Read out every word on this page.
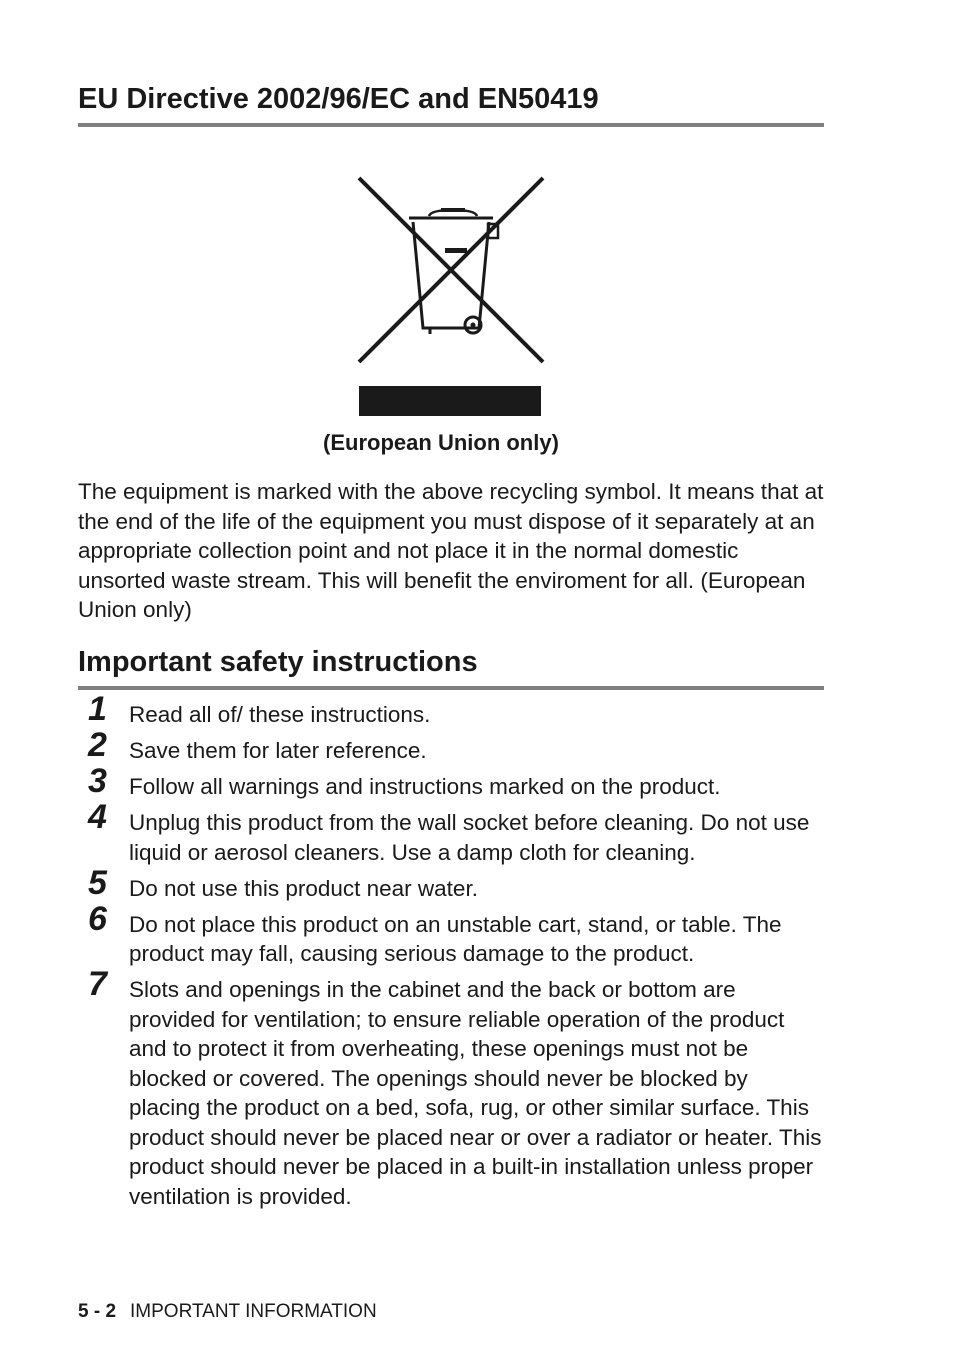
EU Directive 2002/96/EC and EN50419
(European Union only)

The equipment is marked with the above recycling symbol. It means that at the end of the life of the equipment you must dispose of it separately at an appropriate collection point and not place it in the normal domestic unsorted waste stream. This will benefit the enviroment for all. (European Union only)

Important safety instructions
1 Read all of/ these instructions.
2 Save them for later reference.
3 Follow all warnings and instructions marked on the product.
4 Unplug this product from the wall socket before cleaning. Do not use liquid or aerosol cleaners. Use a damp cloth for cleaning.
5 Do not use this product near water.
6 Do not place this product on an unstable cart, stand, or table. The product may fall, causing serious damage to the product.
7 Slots and openings in the cabinet and the back or bottom are provided for ventilation; to ensure reliable operation of the product and to protect it from overheating, these openings must not be blocked or covered. The openings should never be blocked by placing the product on a bed, sofa, rug, or other similar surface. This product should never be placed near or over a radiator or heater. This product should never be placed in a built-in installation unless proper ventilation is provided.
5 - 2 IMPORTANT INFORMATION
